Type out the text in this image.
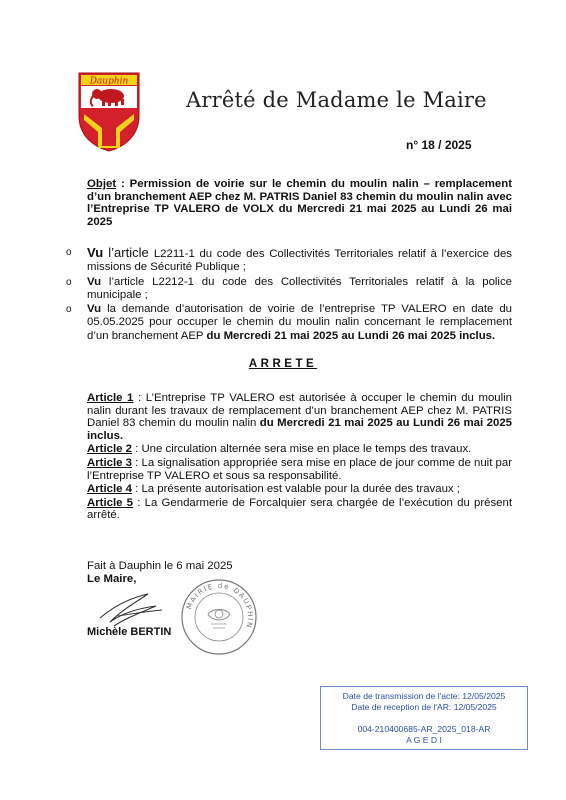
Dauphin
Arrêté de Madame le Maire
n° 18 / 2025
Objet : Permission de voirie sur le chemin du moulin nalin – remplacement d’un branchement AEP chez M. PATRIS Daniel 83 chemin du moulin nalin avec l’Entreprise TP VALERO de VOLX du Mercredi 21 mai 2025 au Lundi 26 mai 2025
o Vu l’article L2211-1 du code des Collectivités Territoriales relatif à l’exercice des missions de Sécurité Publique ;
o Vu l’article L2212-1 du code des Collectivités Territoriales relatif à la police municipale ;
o Vu la demande d’autorisation de voirie de l’entreprise TP VALERO en date du 05.05.2025 pour occuper le chemin du moulin nalin concernant le remplacement d’un branchement AEP du Mercredi 21 mai 2025 au Lundi 26 mai 2025 inclus.
ARRETE

Article 1 : L’Entreprise TP VALERO est autorisée à occuper le chemin du moulin nalin durant les travaux de remplacement d’un branchement AEP chez M. PATRIS Daniel 83 chemin du moulin nalin du Mercredi 21 mai 2025 au Lundi 26 mai 2025 inclus.

Article 2 : Une circulation alternée sera mise en place le temps des travaux.

Article 3 : La signalisation appropriée sera mise en place de jour comme de nuit par l’Entreprise TP VALERO et sous sa responsabilité.

Article 4 : La présente autorisation est valable pour la durée des travaux ;

Article 5 : La Gendarmerie de Forcalquier sera chargée de l’exécution du présent arrêté.

Fait à Dauphin le 6 mai 2025
Le Maire,
MAIRIE de DAUPHIN
Michèle BERTIN
Date de transmission de l'acte: 12/05/2025
Date de reception de l'AR: 12/05/2025
004-210400685-AR_2025_018-AR
A G E D I
